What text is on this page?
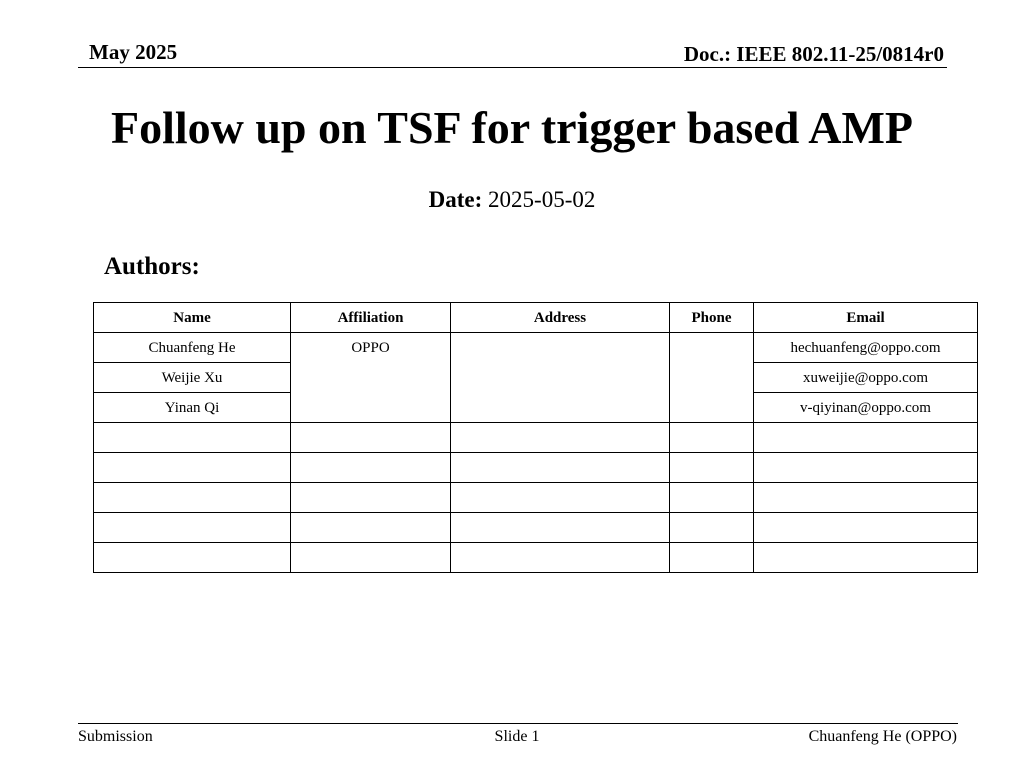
May 2025	Doc.: IEEE 802.11-25/0814r0
Follow up on TSF for trigger based AMP
Date: 2025-05-02
Authors:
Name	Affiliation	Address	Phone	Email
Chuanfeng He	OPPO			hechuanfeng@oppo.com
Weijie Xu				xuweijie@oppo.com
Yinan Qi				v-qiyinan@oppo.com

Submission	Slide 1	Chuanfeng He (OPPO)
